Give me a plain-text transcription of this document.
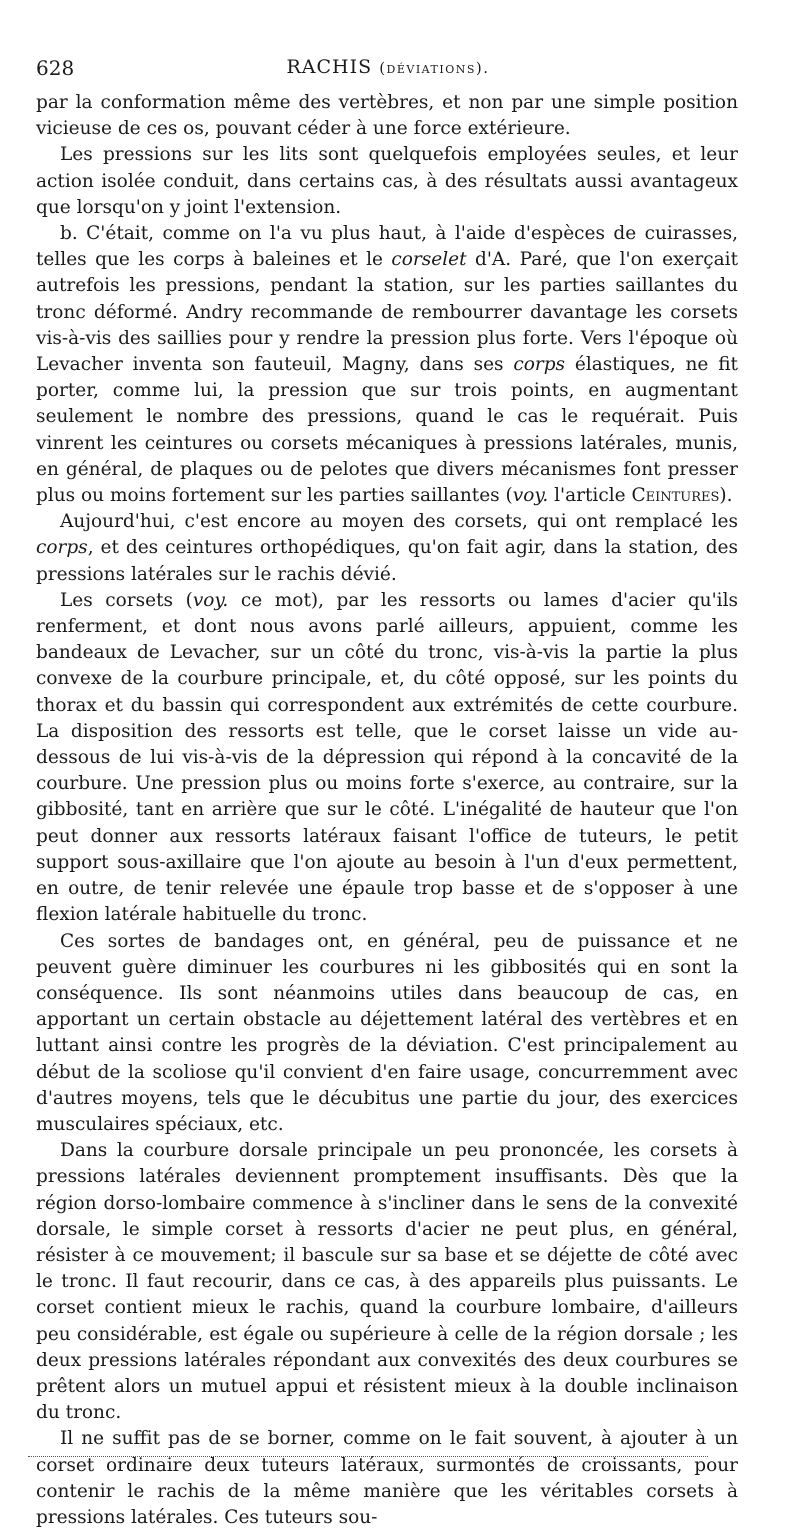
628	RACHIS (déviations).

par la conformation même des vertèbres, et non par une simple position vicieuse de ces os, pouvant céder à une force extérieure.

Les pressions sur les lits sont quelquefois employées seules, et leur action isolée conduit, dans certains cas, à des résultats aussi avantageux que lorsqu'on y joint l'extension.

b. C'était, comme on l'a vu plus haut, à l'aide d'espèces de cuirasses, telles que les corps à baleines et le corselet d'A. Paré, que l'on exerçait autrefois les pressions, pendant la station, sur les parties saillantes du tronc déformé. Andry recommande de rembourrer davantage les corsets vis-à-vis des saillies pour y rendre la pression plus forte. Vers l'époque où Levacher inventa son fauteuil, Magny, dans ses corps élastiques, ne fit porter, comme lui, la pression que sur trois points, en augmentant seulement le nombre des pressions, quand le cas le requérait. Puis vinrent les ceintures ou corsets mécaniques à pressions latérales, munis, en général, de plaques ou de pelotes que divers mécanismes font presser plus ou moins fortement sur les parties saillantes (voy. l'article Ceintures).

Aujourd'hui, c'est encore au moyen des corsets, qui ont remplacé les corps, et des ceintures orthopédiques, qu'on fait agir, dans la station, des pressions latérales sur le rachis dévié.

Les corsets (voy. ce mot), par les ressorts ou lames d'acier qu'ils renferment, et dont nous avons parlé ailleurs, appuient, comme les bandeaux de Levacher, sur un côté du tronc, vis-à-vis la partie la plus convexe de la courbure principale, et, du côté opposé, sur les points du thorax et du bassin qui correspondent aux extrémités de cette courbure. La disposition des ressorts est telle, que le corset laisse un vide au-dessous de lui vis-à-vis de la dépression qui répond à la concavité de la courbure. Une pression plus ou moins forte s'exerce, au contraire, sur la gibbosité, tant en arrière que sur le côté. L'inégalité de hauteur que l'on peut donner aux ressorts latéraux faisant l'office de tuteurs, le petit support sous-axillaire que l'on ajoute au besoin à l'un d'eux permettent, en outre, de tenir relevée une épaule trop basse et de s'opposer à une flexion latérale habituelle du tronc.

Ces sortes de bandages ont, en général, peu de puissance et ne peuvent guère diminuer les courbures ni les gibbosités qui en sont la conséquence. Ils sont néanmoins utiles dans beaucoup de cas, en apportant un certain obstacle au déjettement latéral des vertèbres et en luttant ainsi contre les progrès de la déviation. C'est principalement au début de la scoliose qu'il convient d'en faire usage, concurremment avec d'autres moyens, tels que le décubitus une partie du jour, des exercices musculaires spéciaux, etc.

Dans la courbure dorsale principale un peu prononcée, les corsets à pressions latérales deviennent promptement insuffisants. Dès que la région dorso-lombaire commence à s'incliner dans le sens de la convexité dorsale, le simple corset à ressorts d'acier ne peut plus, en général, résister à ce mouvement; il bascule sur sa base et se déjette de côté avec le tronc. Il faut recourir, dans ce cas, à des appareils plus puissants. Le corset contient mieux le rachis, quand la courbure lombaire, d'ailleurs peu considérable, est égale ou supérieure à celle de la région dorsale ; les deux pressions latérales répondant aux convexités des deux courbures se prêtent alors un mutuel appui et résistent mieux à la double inclinaison du tronc.

Il ne suffit pas de se borner, comme on le fait souvent, à ajouter à un corset ordinaire deux tuteurs latéraux, surmontés de croissants, pour contenir le rachis de la même manière que les véritables corsets à pressions latérales. Ces tuteurs sou-
